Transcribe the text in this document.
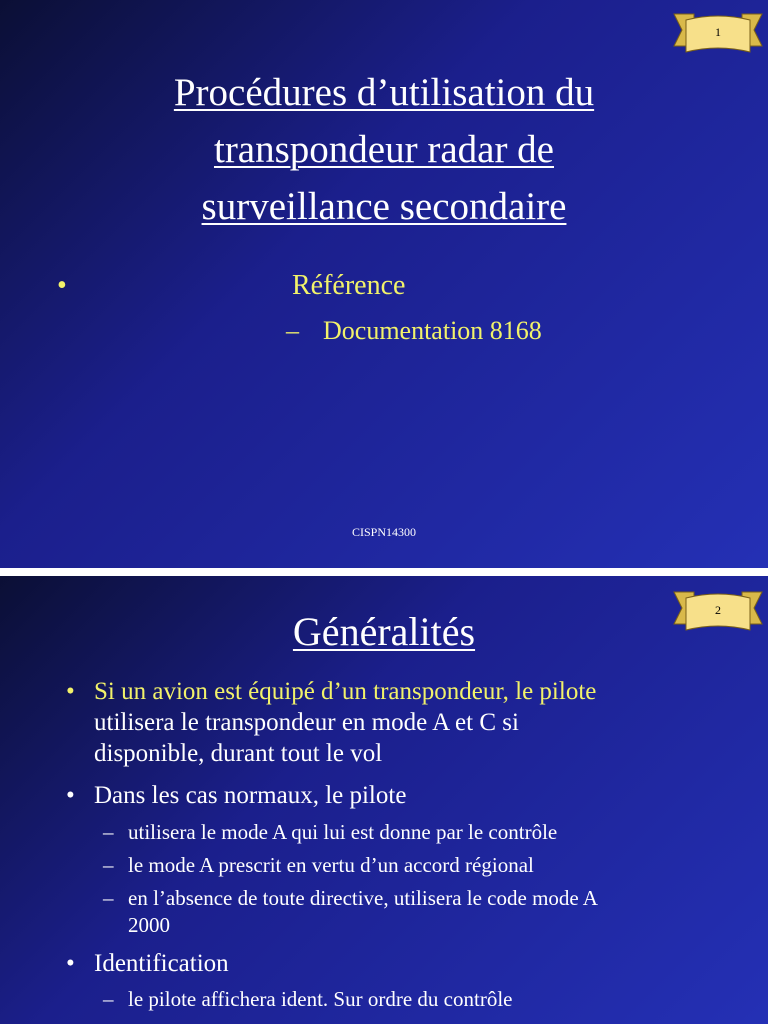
1
Procédures d’utilisation du
transpondeur radar de
surveillance secondaire
•	Référence
– Documentation 8168
CISPN14300
2
Généralités
• Si un avion est équipé d’un transpondeur, le pilote
utilisera le transpondeur en mode A et C si
disponible, durant tout le vol
• Dans les cas normaux, le pilote
– utilisera le mode A qui lui est donne par le contrôle
– le mode A prescrit en vertu d’un accord régional
– en l’absence de toute directive, utilisera le code mode A
2000
• Identification
– le pilote affichera ident. Sur ordre du contrôle
